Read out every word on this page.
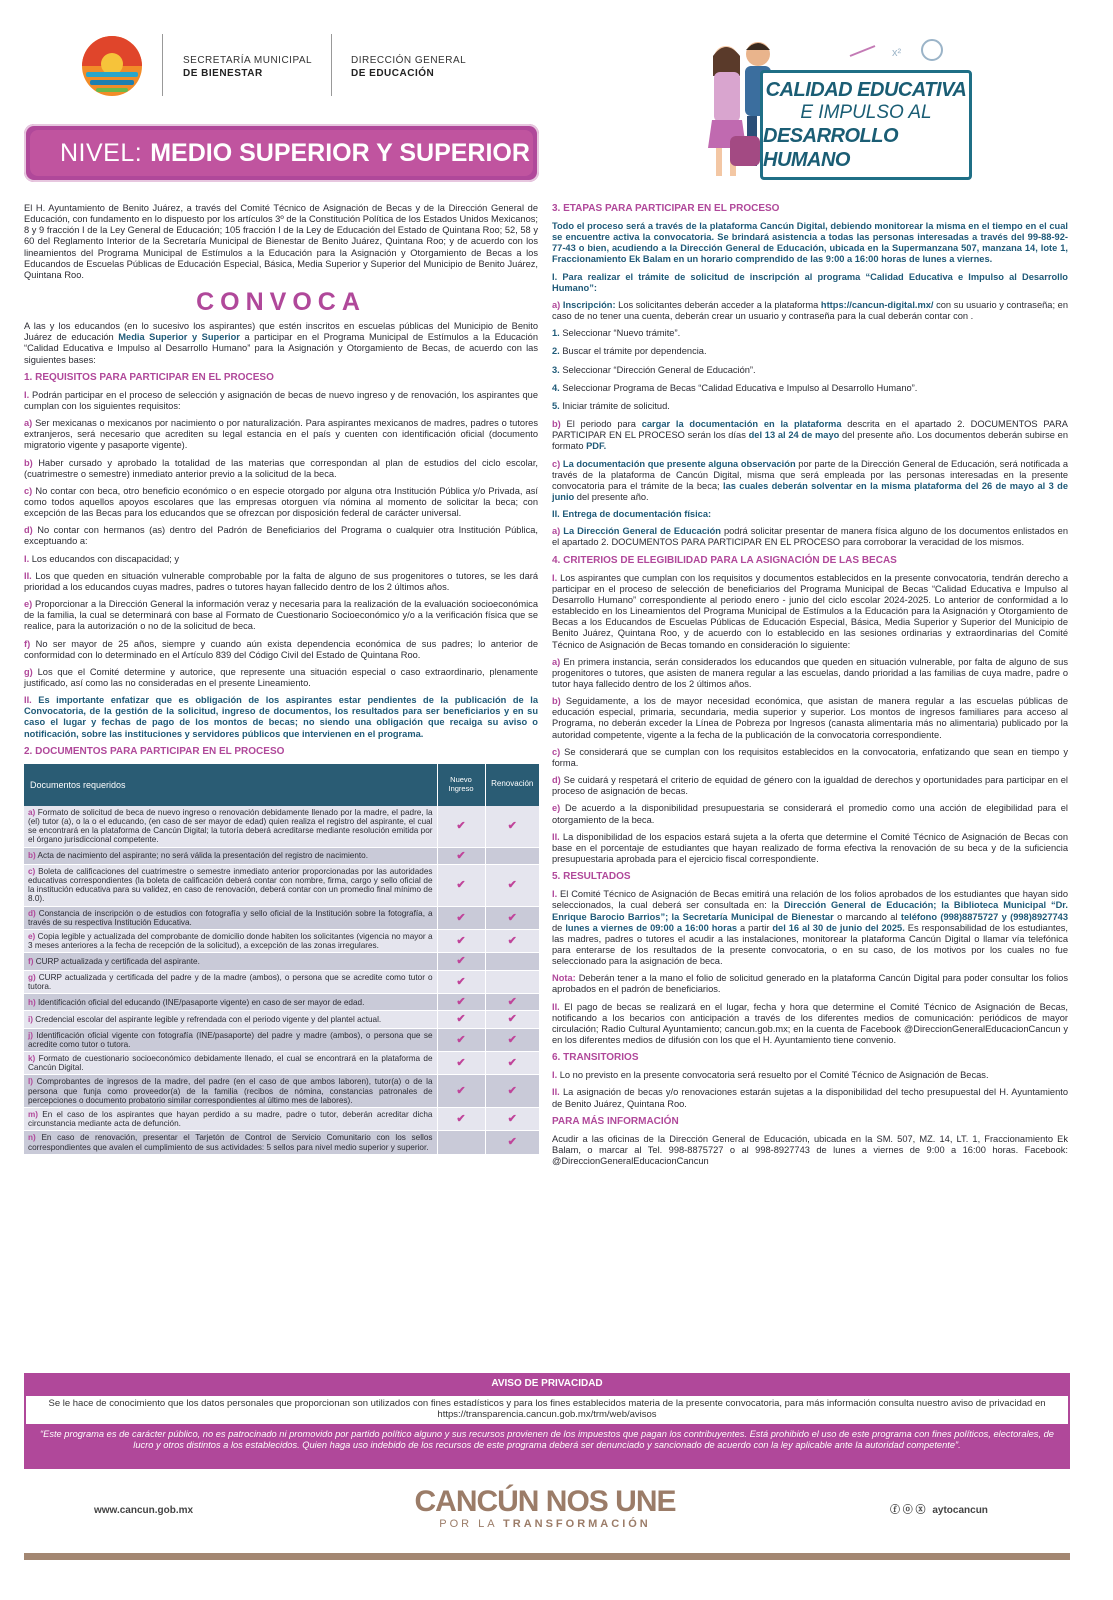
SECRETARÍA MUNICIPAL
DE BIENESTAR
DIRECCIÓN GENERAL
DE EDUCACIÓN
NIVEL: MEDIO SUPERIOR Y SUPERIOR
x²
CALIDAD EDUCATIVA
E IMPULSO AL
DESARROLLO HUMANO

El H. Ayuntamiento de Benito Juárez, a través del Comité Técnico de Asignación de Becas y de la Dirección General de Educación, con fundamento en lo dispuesto por los artículos 3º de la Constitución Política de los Estados Unidos Mexicanos; 8 y 9 fracción I de la Ley General de Educación; 105 fracción I de la Ley de Educación del Estado de Quintana Roo; 52, 58 y 60 del Reglamento Interior de la Secretaría Municipal de Bienestar de Benito Juárez, Quintana Roo; y de acuerdo con los lineamientos del Programa Municipal de Estímulos a la Educación para la Asignación y Otorgamiento de Becas a los Educandos de Escuelas Públicas de Educación Especial, Básica, Media Superior y Superior del Municipio de Benito Juárez, Quintana Roo.

CONVOCA

A las y los educandos (en lo sucesivo los aspirantes) que estén inscritos en escuelas públicas del Municipio de Benito Juárez de educación Media Superior y Superior a participar en el Programa Municipal de Estímulos a la Educación “Calidad Educativa e Impulso al Desarrollo Humano” para la Asignación y Otorgamiento de Becas, de acuerdo con las siguientes bases:

1. REQUISITOS PARA PARTICIPAR EN EL PROCESO

I. Podrán participar en el proceso de selección y asignación de becas de nuevo ingreso y de renovación, los aspirantes que cumplan con los siguientes requisitos:

a) Ser mexicanas o mexicanos por nacimiento o por naturalización. Para aspirantes mexicanos de madres, padres o tutores extranjeros, será necesario que acrediten su legal estancia en el país y cuenten con identificación oficial (documento migratorio vigente y pasaporte vigente).

b) Haber cursado y aprobado la totalidad de las materias que correspondan al plan de estudios del ciclo escolar, (cuatrimestre o semestre) inmediato anterior previo a la solicitud de la beca.

c) No contar con beca, otro beneficio económico o en especie otorgado por alguna otra Institución Pública y/o Privada, así como todos aquellos apoyos escolares que las empresas otorguen vía nómina al momento de solicitar la beca; con excepción de las Becas para los educandos que se ofrezcan por disposición federal de carácter universal.

d) No contar con hermanos (as) dentro del Padrón de Beneficiarios del Programa o cualquier otra Institución Pública, exceptuando a:

I. Los educandos con discapacidad; y

II. Los que queden en situación vulnerable comprobable por la falta de alguno de sus progenitores o tutores, se les dará prioridad a los educandos cuyas madres, padres o tutores hayan fallecido dentro de los 2 últimos años.

e) Proporcionar a la Dirección General la información veraz y necesaria para la realización de la evaluación socioeconómica de la familia, la cual se determinará con base al Formato de Cuestionario Socioeconómico y/o a la verificación física que se realice, para la autorización o no de la solicitud de beca.

f) No ser mayor de 25 años, siempre y cuando aún exista dependencia económica de sus padres; lo anterior de conformidad con lo determinado en el Artículo 839 del Código Civil del Estado de Quintana Roo.

g) Los que el Comité determine y autorice, que represente una situación especial o caso extraordinario, plenamente justificado, así como las no consideradas en el presente Lineamiento.

II. Es importante enfatizar que es obligación de los aspirantes estar pendientes de la publicación de la Convocatoria, de la gestión de la solicitud, ingreso de documentos, los resultados para ser beneficiarios y en su caso el lugar y fechas de pago de los montos de becas; no siendo una obligación que recaiga su aviso o notificación, sobre las instituciones y servidores públicos que intervienen en el programa.

2. DOCUMENTOS PARA PARTICIPAR EN EL PROCESO
Documentos requeridos	Nuevo Ingreso	Renovación
a) Formato de solicitud de beca de nuevo ingreso o renovación debidamente llenado por la madre, el padre, la (el) tutor (a), o la o el educando, (en caso de ser mayor de edad) quien realiza el registro del aspirante, el cual se encontrará en la plataforma de Cancún Digital; la tutoría deberá acreditarse mediante resolución emitida por el órgano jurisdiccional competente.	✔	✔
b) Acta de nacimiento del aspirante; no será válida la presentación del registro de nacimiento.	✔	
c) Boleta de calificaciones del cuatrimestre o semestre inmediato anterior proporcionadas por las autoridades educativas correspondientes (la boleta de calificación deberá contar con nombre, firma, cargo y sello oficial de la institución educativa para su validez, en caso de renovación, deberá contar con un promedio final mínimo de 8.0).	✔	✔
d) Constancia de inscripción o de estudios con fotografía y sello oficial de la Institución sobre la fotografía, a través de su respectiva Institución Educativa.	✔	✔
e) Copia legible y actualizada del comprobante de domicilio donde habiten los solicitantes (vigencia no mayor a 3 meses anteriores a la fecha de recepción de la solicitud), a excepción de las zonas irregulares.	✔	✔
f) CURP actualizada y certificada del aspirante.	✔	
g) CURP actualizada y certificada del padre y de la madre (ambos), o persona que se acredite como tutor o tutora.	✔	
h) Identificación oficial del educando (INE/pasaporte vigente) en caso de ser mayor de edad.	✔	✔
i) Credencial escolar del aspirante legible y refrendada con el periodo vigente y del plantel actual.	✔	✔
j) Identificación oficial vigente con fotografía (INE/pasaporte) del padre y madre (ambos), o persona que se acredite como tutor o tutora.	✔	✔
k) Formato de cuestionario socioeconómico debidamente llenado, el cual se encontrará en la plataforma de Cancún Digital.	✔	✔
l) Comprobantes de ingresos de la madre, del padre (en el caso de que ambos laboren), tutor(a) o de la persona que funja como proveedor(a) de la familia (recibos de nómina, constancias patronales de percepciones o documento probatorio similar correspondientes al último mes de labores).	✔	✔
m) En el caso de los aspirantes que hayan perdido a su madre, padre o tutor, deberán acreditar dicha circunstancia mediante acta de defunción.	✔	✔
n) En caso de renovación, presentar el Tarjetón de Control de Servicio Comunitario con los sellos correspondientes que avalen el cumplimiento de sus actividades: 5 sellos para nivel medio superior y superior.		✔
3. ETAPAS PARA PARTICIPAR EN EL PROCESO

Todo el proceso será a través de la plataforma Cancún Digital, debiendo monitorear la misma en el tiempo en el cual se encuentre activa la convocatoria. Se brindará asistencia a todas las personas interesadas a través del 99-88-92-77-43 o bien, acudiendo a la Dirección General de Educación, ubicada en la Supermanzana 507, manzana 14, lote 1, Fraccionamiento Ek Balam en un horario comprendido de las 9:00 a 16:00 horas de lunes a viernes.

I. Para realizar el trámite de solicitud de inscripción al programa “Calidad Educativa e Impulso al Desarrollo Humano”:

a) Inscripción: Los solicitantes deberán acceder a la plataforma https://cancun-digital.mx/ con su usuario y contraseña; en caso de no tener una cuenta, deberán crear un usuario y contraseña para la cual deberán contar con .

1. Seleccionar “Nuevo trámite”.

2. Buscar el trámite por dependencia.

3. Seleccionar “Dirección General de Educación”.

4. Seleccionar Programa de Becas “Calidad Educativa e Impulso al Desarrollo Humano”.

5. Iniciar trámite de solicitud.

b) El periodo para cargar la documentación en la plataforma descrita en el apartado 2. DOCUMENTOS PARA PARTICIPAR EN EL PROCESO serán los días del 13 al 24 de mayo del presente año. Los documentos deberán subirse en formato PDF.

c) La documentación que presente alguna observación por parte de la Dirección General de Educación, será notificada a través de la plataforma de Cancún Digital, misma que será empleada por las personas interesadas en la presente convocatoria para el trámite de la beca; las cuales deberán solventar en la misma plataforma del 26 de mayo al 3 de junio del presente año.

II. Entrega de documentación física:

a) La Dirección General de Educación podrá solicitar presentar de manera física alguno de los documentos enlistados en el apartado 2. DOCUMENTOS PARA PARTICIPAR EN EL PROCESO para corroborar la veracidad de los mismos.

4. CRITERIOS DE ELEGIBILIDAD PARA LA ASIGNACIÓN DE LAS BECAS

I. Los aspirantes que cumplan con los requisitos y documentos establecidos en la presente convocatoria, tendrán derecho a participar en el proceso de selección de beneficiarios del Programa Municipal de Becas “Calidad Educativa e Impulso al Desarrollo Humano” correspondiente al periodo enero - junio del ciclo escolar 2024-2025. Lo anterior de conformidad a lo establecido en los Lineamientos del Programa Municipal de Estímulos a la Educación para la Asignación y Otorgamiento de Becas a los Educandos de Escuelas Públicas de Educación Especial, Básica, Media Superior y Superior del Municipio de Benito Juárez, Quintana Roo, y de acuerdo con lo establecido en las sesiones ordinarias y extraordinarias del Comité Técnico de Asignación de Becas tomando en consideración lo siguiente:

a) En primera instancia, serán considerados los educandos que queden en situación vulnerable, por falta de alguno de sus progenitores o tutores, que asisten de manera regular a las escuelas, dando prioridad a las familias de cuya madre, padre o tutor haya fallecido dentro de los 2 últimos años.

b) Seguidamente, a los de mayor necesidad económica, que asistan de manera regular a las escuelas públicas de educación especial, primaria, secundaria, media superior y superior. Los montos de ingresos familiares para acceso al Programa, no deberán exceder la Línea de Pobreza por Ingresos (canasta alimentaria más no alimentaria) publicado por la autoridad competente, vigente a la fecha de la publicación de la convocatoria correspondiente.

c) Se considerará que se cumplan con los requisitos establecidos en la convocatoria, enfatizando que sean en tiempo y forma.

d) Se cuidará y respetará el criterio de equidad de género con la igualdad de derechos y oportunidades para participar en el proceso de asignación de becas.

e) De acuerdo a la disponibilidad presupuestaria se considerará el promedio como una acción de elegibilidad para el otorgamiento de la beca.

II. La disponibilidad de los espacios estará sujeta a la oferta que determine el Comité Técnico de Asignación de Becas con base en el porcentaje de estudiantes que hayan realizado de forma efectiva la renovación de su beca y de la suficiencia presupuestaria aprobada para el ejercicio fiscal correspondiente.

5. RESULTADOS

I. El Comité Técnico de Asignación de Becas emitirá una relación de los folios aprobados de los estudiantes que hayan sido seleccionados, la cual deberá ser consultada en: la Dirección General de Educación; la Biblioteca Municipal “Dr. Enrique Barocio Barrios”; la Secretaría Municipal de Bienestar o marcando al teléfono (998)8875727 y (998)8927743 de lunes a viernes de 09:00 a 16:00 horas a partir del 16 al 30 de junio del 2025. Es responsabilidad de los estudiantes, las madres, padres o tutores el acudir a las instalaciones, monitorear la plataforma Cancún Digital o llamar vía telefónica para enterarse de los resultados de la presente convocatoria, o en su caso, de los motivos por los cuales no fue seleccionado para la asignación de beca.

Nota: Deberán tener a la mano el folio de solicitud generado en la plataforma Cancún Digital para poder consultar los folios aprobados en el padrón de beneficiarios.

II. El pago de becas se realizará en el lugar, fecha y hora que determine el Comité Técnico de Asignación de Becas, notificando a los becarios con anticipación a través de los diferentes medios de comunicación: periódicos de mayor circulación; Radio Cultural Ayuntamiento; cancun.gob.mx; en la cuenta de Facebook @DireccionGeneralEducacionCancun y en los diferentes medios de difusión con los que el H. Ayuntamiento tiene convenio.

6. TRANSITORIOS

I. Lo no previsto en la presente convocatoria será resuelto por el Comité Técnico de Asignación de Becas.

II. La asignación de becas y/o renovaciones estarán sujetas a la disponibilidad del techo presupuestal del H. Ayuntamiento de Benito Juárez, Quintana Roo.

PARA MÁS INFORMACIÓN

Acudir a las oficinas de la Dirección General de Educación, ubicada en la SM. 507, MZ. 14, LT. 1, Fraccionamiento Ek Balam, o marcar al Tel. 998-8875727 o al 998-8927743 de lunes a viernes de 9:00 a 16:00 horas. Facebook: @DireccionGeneralEducacionCancun

AVISO DE PRIVACIDAD
Se le hace de conocimiento que los datos personales que proporcionan son utilizados con fines estadísticos y para los fines establecidos materia de la presente convocatoria, para más información consulta nuestro aviso de privacidad en https://transparencia.cancun.gob.mx/trm/web/avisos
“Este programa es de carácter público, no es patrocinado ni promovido por partido político alguno y sus recursos provienen de los impuestos que pagan los contribuyentes. Está prohibido el uso de este programa con fines políticos, electorales, de lucro y otros distintos a los establecidos. Quien haga uso indebido de los recursos de este programa deberá ser denunciado y sancionado de acuerdo con la ley aplicable ante la autoridad competente”.
www.cancun.gob.mx	CANCÚN NOS UNE
POR LA TRANSFORMACIÓN
ⓕ ⓞ ⓧ aytocancun
